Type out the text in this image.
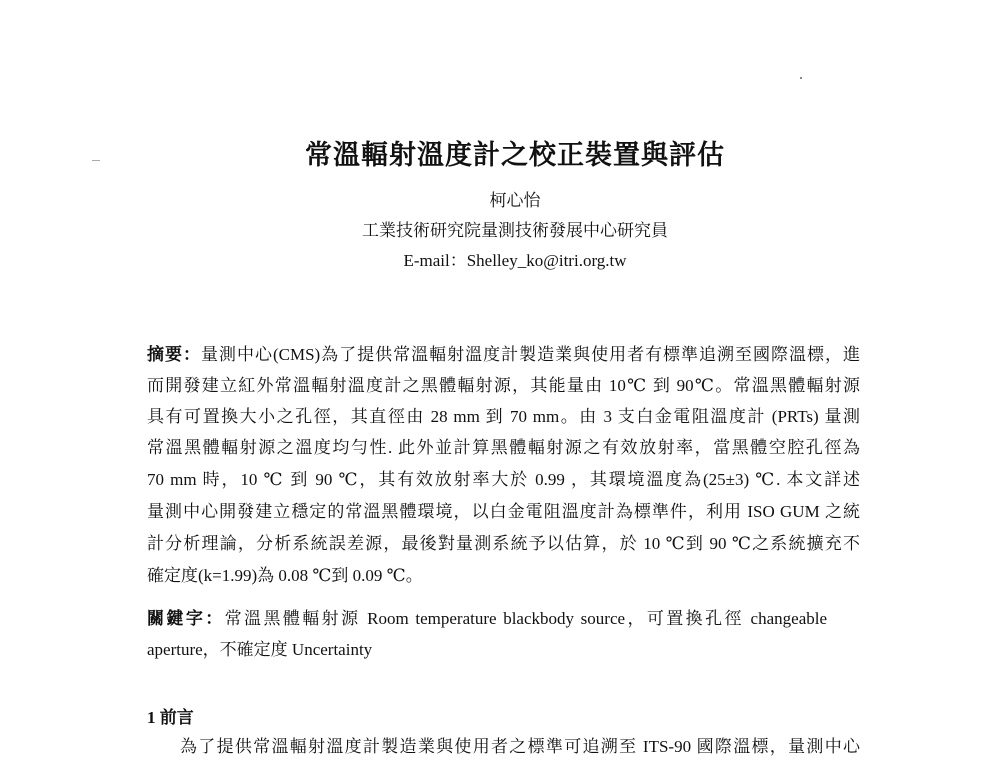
常溫輻射溫度計之校正裝置與評估
柯心怡
工業技術研究院量測技術發展中心研究員
E-mail：Shelley_ko@itri.org.tw
摘要：量測中心(CMS)為了提供常溫輻射溫度計製造業與使用者有標準追溯至國際溫標，進
而開發建立紅外常溫輻射溫度計之黑體輻射源，其能量由 10℃ 到 90℃。常溫黑體輻射源
具有可置換大小之孔徑，其直徑由 28 mm 到 70 mm。由 3 支白金電阻溫度計 (PRTs) 量測
常溫黑體輻射源之溫度均勻性. 此外並計算黑體輻射源之有效放射率，當黑體空腔孔徑為
70 mm 時，10 ℃ 到 90 ℃，其有效放射率大於 0.99 ，其環境溫度為(25±3) ℃. 本文詳述
量測中心開發建立穩定的常溫黑體環境，以白金電阻溫度計為標準件，利用 ISO GUM 之統
計分析理論，分析系統誤差源，最後對量測系統予以估算，於 10 ℃到 90 ℃之系統擴充不
確定度(k=1.99)為 0.08 ℃到 0.09 ℃。
關鍵字：常溫黑體輻射源 Room temperature blackbody source，可置換孔徑 changeable
aperture，不確定度 Uncertainty
1 前言
為了提供常溫輻射溫度計製造業與使用者之標準可追溯至 ITS-90 國際溫標，量測中心
